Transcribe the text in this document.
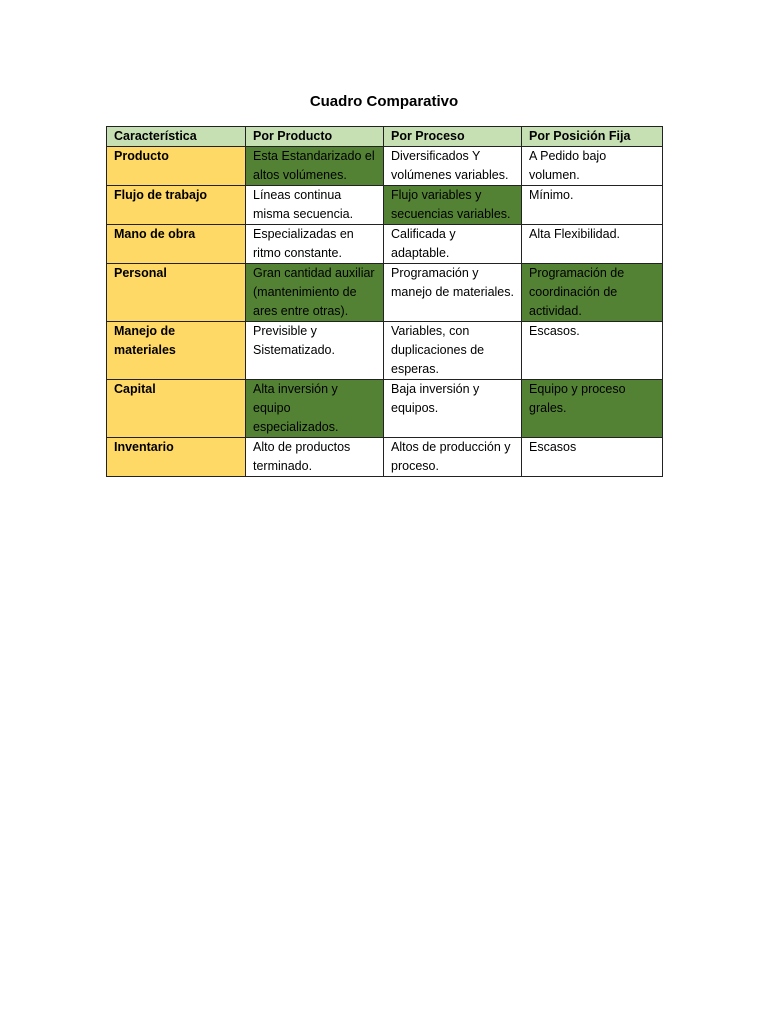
Cuadro Comparativo
Característica	Por Producto	Por Proceso	Por Posición Fija
Producto	Esta Estandarizado el altos volúmenes.	Diversificados Y volúmenes variables.	A Pedido bajo volumen.
Flujo de trabajo	Líneas continua misma secuencia.	Flujo variables y secuencias variables.	Mínimo.
Mano de obra	Especializadas en ritmo constante.	Calificada y adaptable.	Alta Flexibilidad.
Personal	Gran cantidad auxiliar (mantenimiento de ares entre otras).	Programación y manejo de materiales.	Programación de coordinación de actividad.
Manejo de materiales	Previsible y Sistematizado.	Variables, con duplicaciones de esperas.	Escasos.
Capital	Alta inversión y equipo especializados.	Baja inversión y equipos.	Equipo y proceso grales.
Inventario	Alto de productos terminado.	Altos de producción y proceso.	Escasos
